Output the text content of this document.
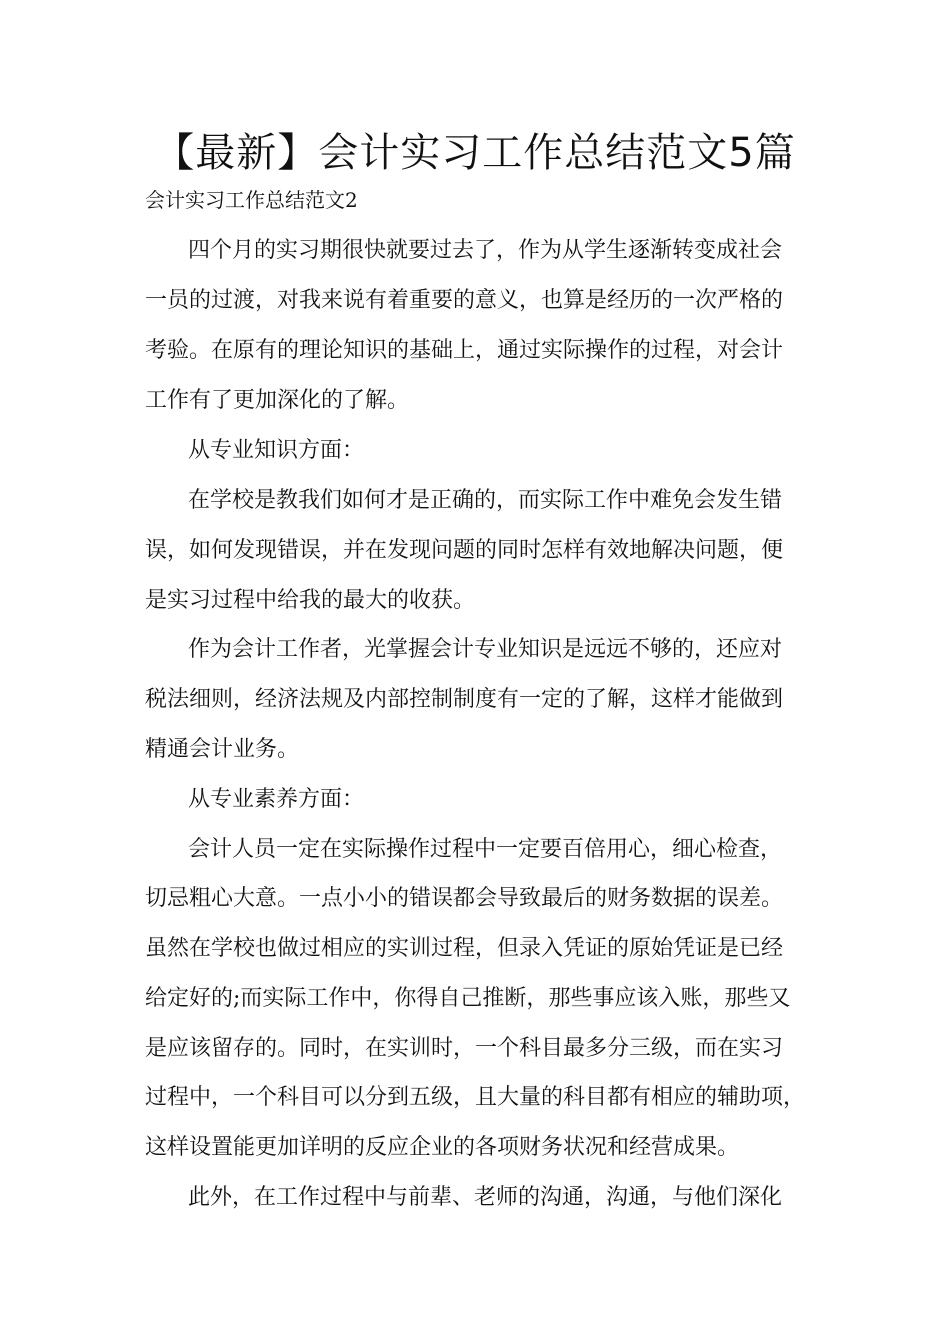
【最新】会计实习工作总结范文5篇
会计实习工作总结范文2
四个月的实习期很快就要过去了，作为从学生逐渐转变成社会
一员的过渡，对我来说有着重要的意义，也算是经历的一次严格的
考验。在原有的理论知识的基础上，通过实际操作的过程，对会计
工作有了更加深化的了解。
从专业知识方面：
在学校是教我们如何才是正确的，而实际工作中难免会发生错
误，如何发现错误，并在发现问题的同时怎样有效地解决问题，便
是实习过程中给我的最大的收获。
作为会计工作者，光掌握会计专业知识是远远不够的，还应对
税法细则，经济法规及内部控制制度有一定的了解，这样才能做到
精通会计业务。
从专业素养方面：
会计人员一定在实际操作过程中一定要百倍用心，细心检查，
切忌粗心大意。一点小小的错误都会导致最后的财务数据的误差。
虽然在学校也做过相应的实训过程，但录入凭证的原始凭证是已经
给定好的;而实际工作中，你得自己推断，那些事应该入账，那些又
是应该留存的。同时，在实训时，一个科目最多分三级，而在实习
过程中，一个科目可以分到五级，且大量的科目都有相应的辅助项，
这样设置能更加详明的反应企业的各项财务状况和经营成果。
此外，在工作过程中与前辈、老师的沟通，沟通，与他们深化
